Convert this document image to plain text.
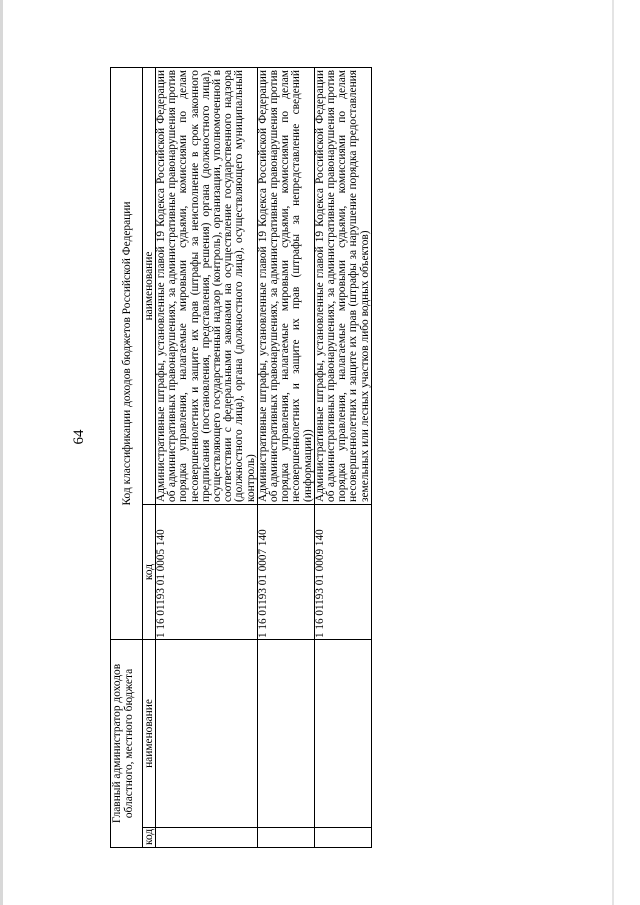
64
Главный администратор доходов областного, местного бюджета		Код классификации доходов бюджетов Российской Федерации	
код	наименование	код	наименование
		1 16 01193 01 0005 140	Административные штрафы, установленные главой 19 Кодекса Российской Федерации об административных правонарушениях, за административные правонарушения против порядка управления, налагаемые мировыми судьями, комиссиями по делам несовершеннолетних и защите их прав (штрафы за неисполнение в срок законного предписания (постановления, представления, решения) органа (должностного лица), осуществляющего государственный надзор (контроль), организации, уполномоченной в соответствии с федеральными законами на осуществление государственного надзора (должностного лица), органа (должностного лица), осуществляющего муниципальный контроль)
		1 16 01193 01 0007 140	Административные штрафы, установленные главой 19 Кодекса Российской Федерации об административных правонарушениях, за административные правонарушения против порядка управления, налагаемые мировыми судьями, комиссиями по делам несовершеннолетних и защите их прав (штрафы за непредставление сведений (информации))
		1 16 01193 01 0009 140	Административные штрафы, установленные главой 19 Кодекса Российской Федерации об административных правонарушениях, за административные правонарушения против порядка управления, налагаемые мировыми судьями, комиссиями по делам несовершеннолетних и защите их прав (штрафы за нарушение порядка предоставления земельных или лесных участков либо водных объектов)
